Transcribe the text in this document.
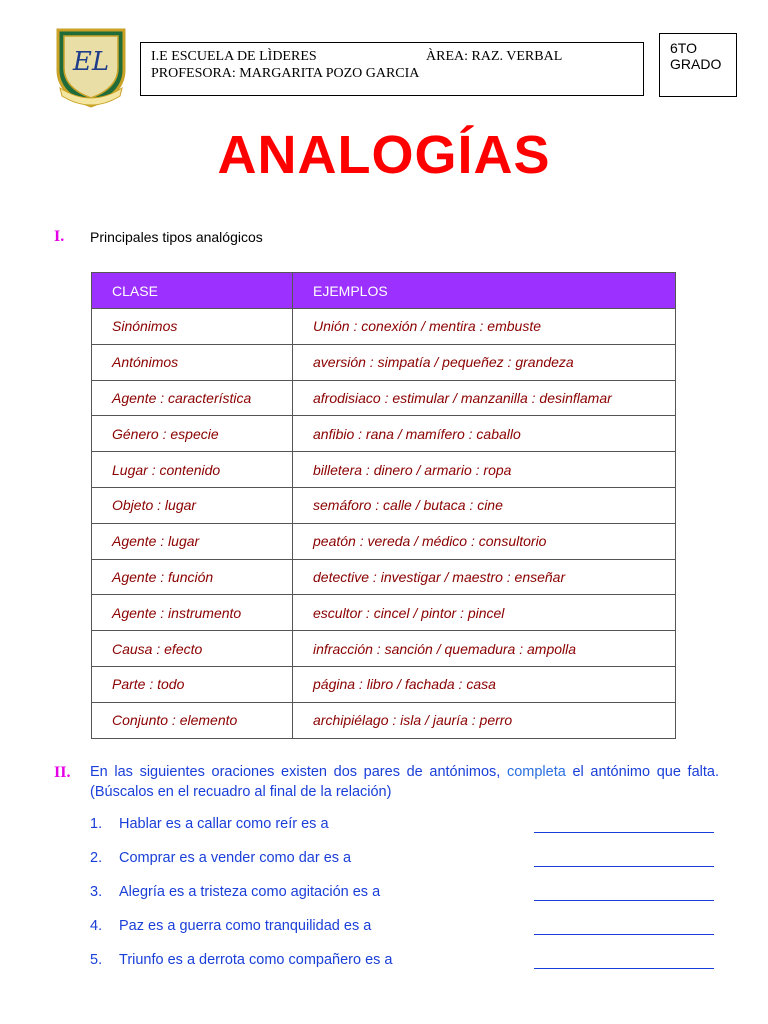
EL	I.E ESCUELA DE LÌDERES	ÀREA: RAZ. VERBAL
PROFESORA: MARGARITA POZO GARCIA
6TO
GRADO
ANALOGÍAS
I. Principales tipos analógicos
CLASE	EJEMPLOS
Sinónimos	Unión : conexión / mentira : embuste
Antónimos	aversión : simpatía / pequeñez : grandeza
Agente : característica	afrodisiaco : estimular / manzanilla : desinflamar
Género : especie	anfibio : rana / mamífero : caballo
Lugar : contenido	billetera : dinero / armario : ropa
Objeto : lugar	semáforo : calle / butaca : cine
Agente : lugar	peatón : vereda / médico : consultorio
Agente : función	detective : investigar / maestro : enseñar
Agente : instrumento	escultor : cincel / pintor : pincel
Causa : efecto	infracción : sanción / quemadura : ampolla
Parte : todo	página : libro / fachada : casa
Conjunto : elemento	archipiélago : isla / jauría : perro
II. En las siguientes oraciones existen dos pares de antónimos, completa el antónimo que falta. (Búscalos en el recuadro al final de la relación)
1.	Hablar es a callar como reír es a
2.	Comprar es a vender como dar es a
3.	Alegría es a tristeza como agitación es a
4.	Paz es a guerra como tranquilidad es a
5.	Triunfo es a derrota como compañero es a
